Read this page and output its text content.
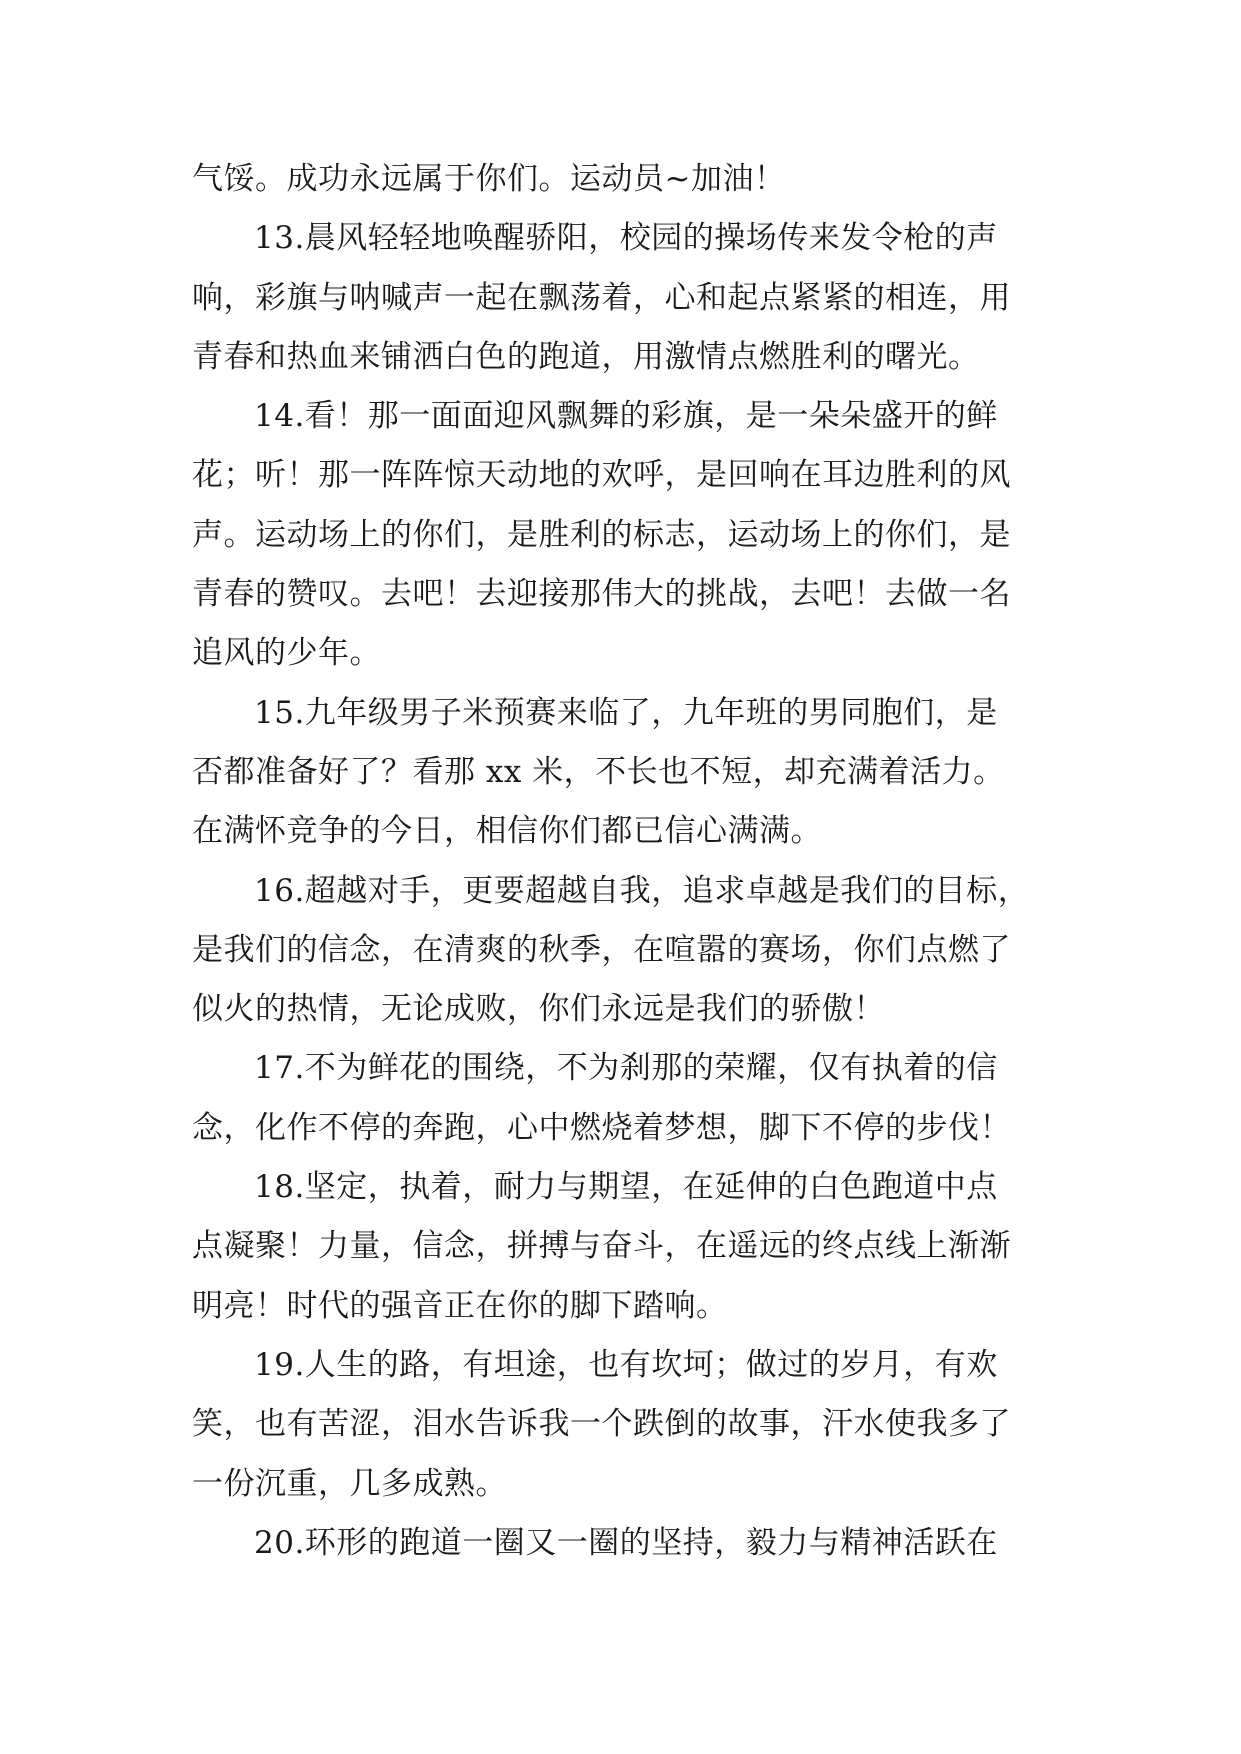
气馁。成功永远属于你们。运动员~加油！
13.晨风轻轻地唤醒骄阳，校园的操场传来发令枪的声
响，彩旗与呐喊声一起在飘荡着，心和起点紧紧的相连，用
青春和热血来铺洒白色的跑道，用激情点燃胜利的曙光。
14.看！那一面面迎风飘舞的彩旗，是一朵朵盛开的鲜
花；听！那一阵阵惊天动地的欢呼，是回响在耳边胜利的风
声。运动场上的你们，是胜利的标志，运动场上的你们，是
青春的赞叹。去吧！去迎接那伟大的挑战，去吧！去做一名
追风的少年。
15.九年级男子米预赛来临了，九年班的男同胞们，是
否都准备好了？看那 xx 米，不长也不短，却充满着活力。
在满怀竞争的今日，相信你们都已信心满满。
16.超越对手，更要超越自我，追求卓越是我们的目标，
是我们的信念，在清爽的秋季，在喧嚣的赛场，你们点燃了
似火的热情，无论成败，你们永远是我们的骄傲！
17.不为鲜花的围绕，不为刹那的荣耀，仅有执着的信
念，化作不停的奔跑，心中燃烧着梦想，脚下不停的步伐！
18.坚定，执着，耐力与期望，在延伸的白色跑道中点
点凝聚！力量，信念，拼搏与奋斗，在遥远的终点线上渐渐
明亮！时代的强音正在你的脚下踏响。
19.人生的路，有坦途，也有坎坷；做过的岁月，有欢
笑，也有苦涩，泪水告诉我一个跌倒的故事，汗水使我多了
一份沉重，几多成熟。
20.环形的跑道一圈又一圈的坚持，毅力与精神活跃在
